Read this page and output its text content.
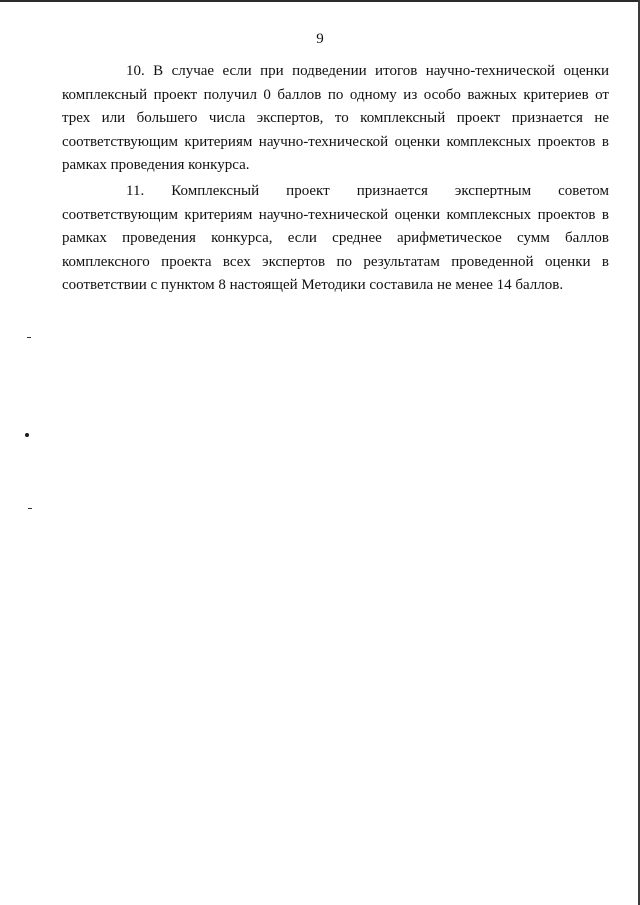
9

10. В случае если при подведении итогов научно-технической оценки комплексный проект получил 0 баллов по одному из особо важных критериев от трех или большего числа экспертов, то комплексный проект признается не соответствующим критериям научно-технической оценки комплексных проектов в рамках проведения конкурса.

11. Комплексный проект признается экспертным советом соответствующим критериям научно-технической оценки комплексных проектов в рамках проведения конкурса, если среднее арифметическое сумм баллов комплексного проекта всех экспертов по результатам проведенной оценки в соответствии с пунктом 8 настоящей Методики составила не менее 14 баллов.
